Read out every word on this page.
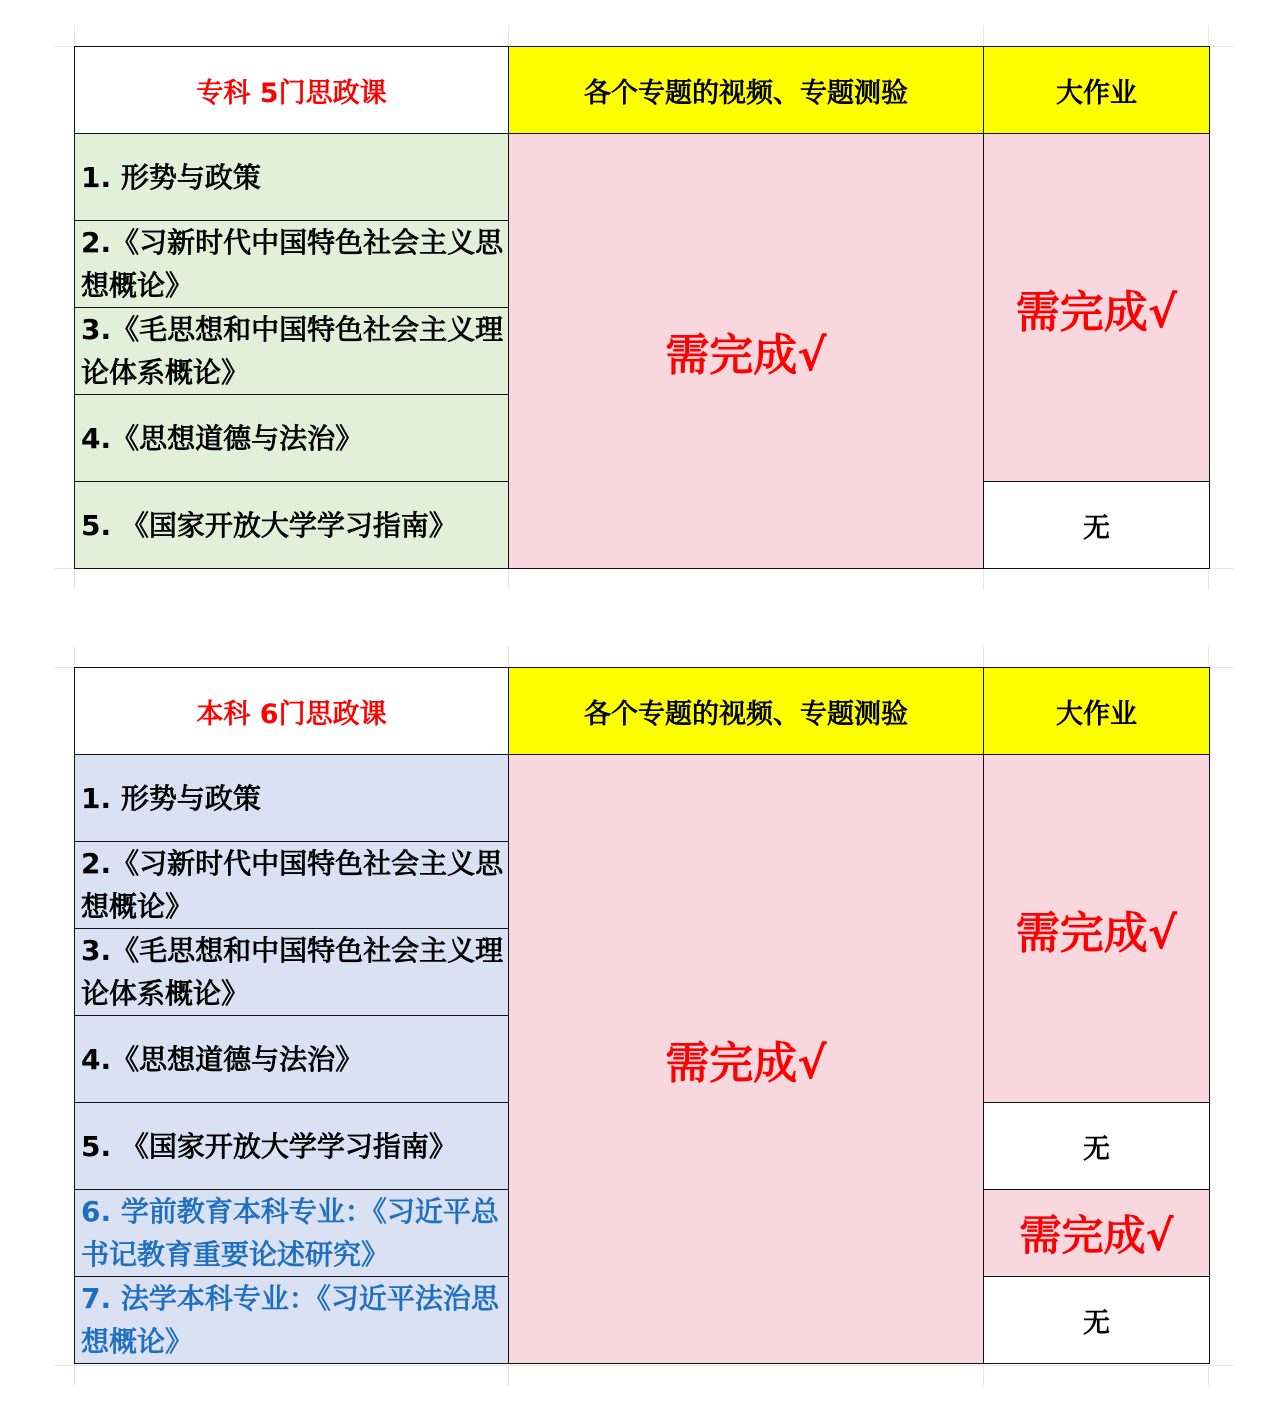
专科 5门思政课	各个专题的视频、专题测验	大作业
1. 形势与政策	需完成√	需完成√
2.《习新时代中国特色社会主义思想概论》		
3.《毛思想和中国特色社会主义理论体系概论》		
4.《思想道德与法治》		
5. 《国家开放大学学习指南》		无
本科 6门思政课	各个专题的视频、专题测验	大作业
1. 形势与政策	需完成√	需完成√
2.《习新时代中国特色社会主义思想概论》		
3.《毛思想和中国特色社会主义理论体系概论》		
4.《思想道德与法治》		
5. 《国家开放大学学习指南》		无
6. 学前教育本科专业：《习近平总书记教育重要论述研究》		需完成√
7. 法学本科专业：《习近平法治思想概论》		无
